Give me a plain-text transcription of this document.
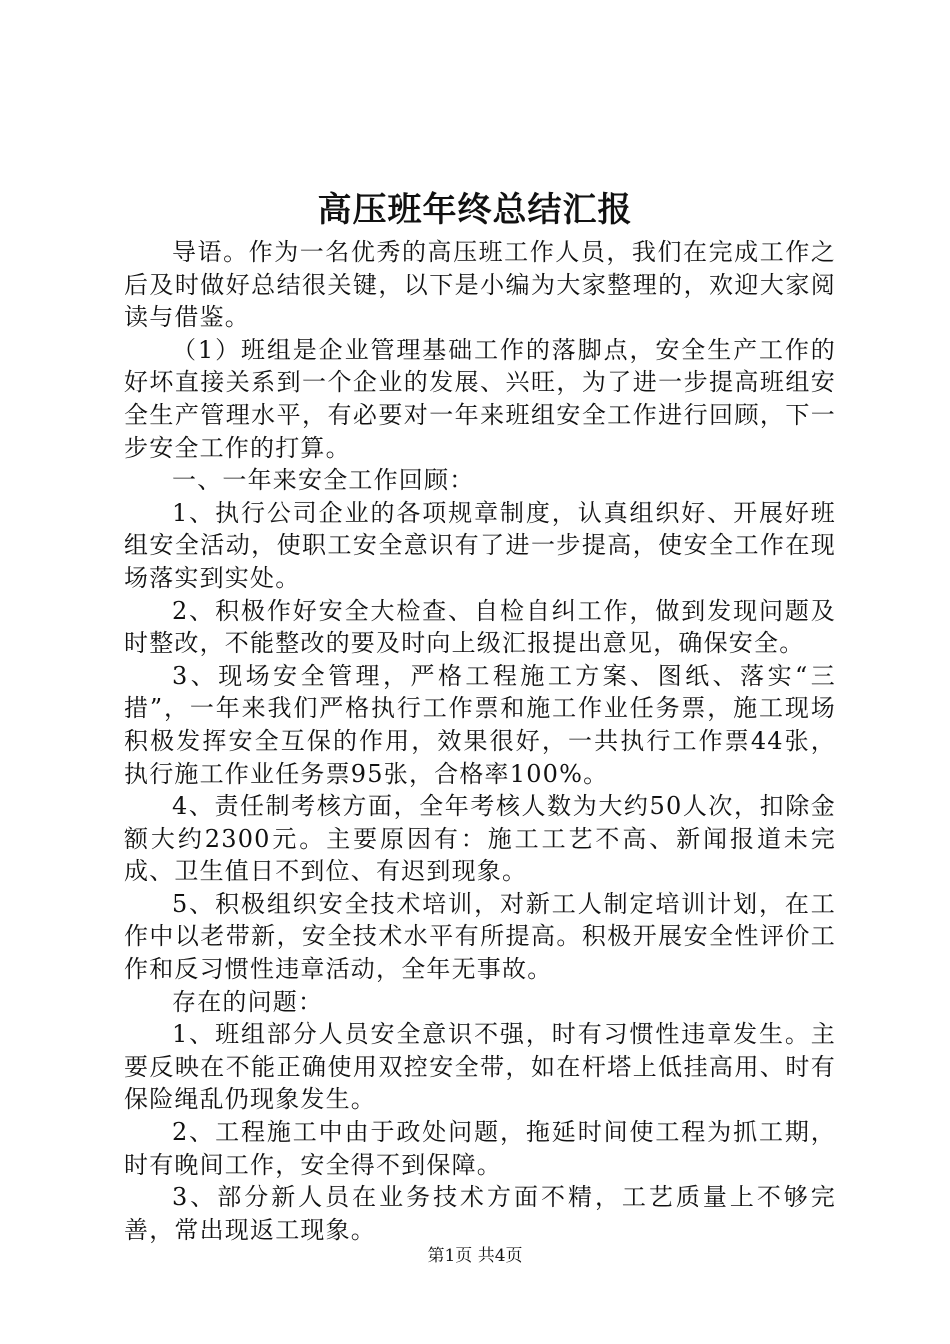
高压班年终总结汇报

导语。作为一名优秀的高压班工作人员，我们在完成工作之后及时做好总结很关键，以下是小编为大家整理的，欢迎大家阅读与借鉴。

（1）班组是企业管理基础工作的落脚点，安全生产工作的好坏直接关系到一个企业的发展、兴旺，为了进一步提高班组安全生产管理水平，有必要对一年来班组安全工作进行回顾，下一步安全工作的打算。

一、一年来安全工作回顾：

1、执行公司企业的各项规章制度，认真组织好、开展好班组安全活动，使职工安全意识有了进一步提高，使安全工作在现场落实到实处。

2、积极作好安全大检查、自检自纠工作，做到发现问题及时整改，不能整改的要及时向上级汇报提出意见，确保安全。

3、现场安全管理，严格工程施工方案、图纸、落实“三措”，一年来我们严格执行工作票和施工作业任务票，施工现场积极发挥安全互保的作用，效果很好，一共执行工作票44张，执行施工作业任务票95张，合格率100%。

4、责任制考核方面，全年考核人数为大约50人次，扣除金额大约2300元。主要原因有：施工工艺不高、新闻报道未完成、卫生值日不到位、有迟到现象。

5、积极组织安全技术培训，对新工人制定培训计划，在工作中以老带新，安全技术水平有所提高。积极开展安全性评价工作和反习惯性违章活动，全年无事故。

存在的问题：

1、班组部分人员安全意识不强，时有习惯性违章发生。主要反映在不能正确使用双控安全带，如在杆塔上低挂高用、时有保险绳乱仍现象发生。

2、工程施工中由于政处问题，拖延时间使工程为抓工期，时有晚间工作，安全得不到保障。

3、部分新人员在业务技术方面不精，工艺质量上不够完善，常出现返工现象。

第1页 共4页
